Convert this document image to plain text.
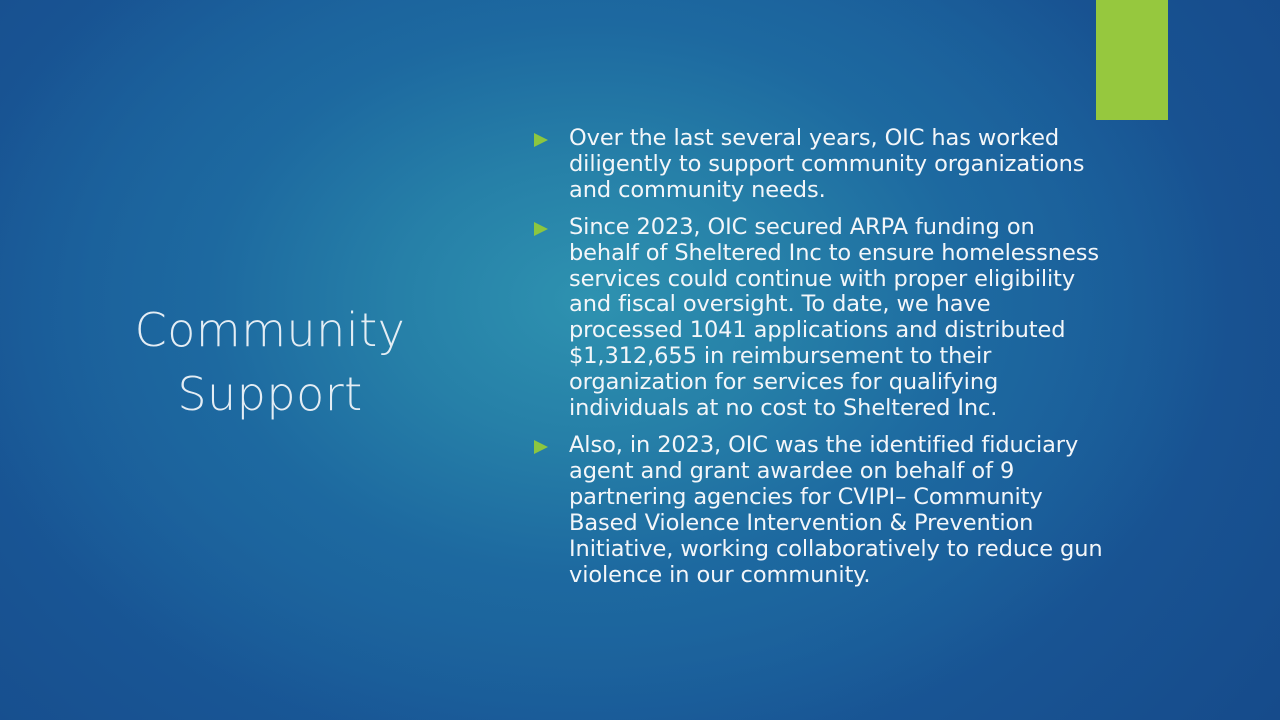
Community
Support
Over the last several years, OIC has worked
diligently to support community organizations
and community needs.
Since 2023, OIC secured ARPA funding on
behalf of Sheltered Inc to ensure homelessness
services could continue with proper eligibility
and fiscal oversight. To date, we have
processed 1041 applications and distributed
$1,312,655 in reimbursement to their
organization for services for qualifying
individuals at no cost to Sheltered Inc.
Also, in 2023, OIC was the identified fiduciary
agent and grant awardee on behalf of 9
partnering agencies for CVIPI– Community
Based Violence Intervention & Prevention
Initiative, working collaboratively to reduce gun
violence in our community.
